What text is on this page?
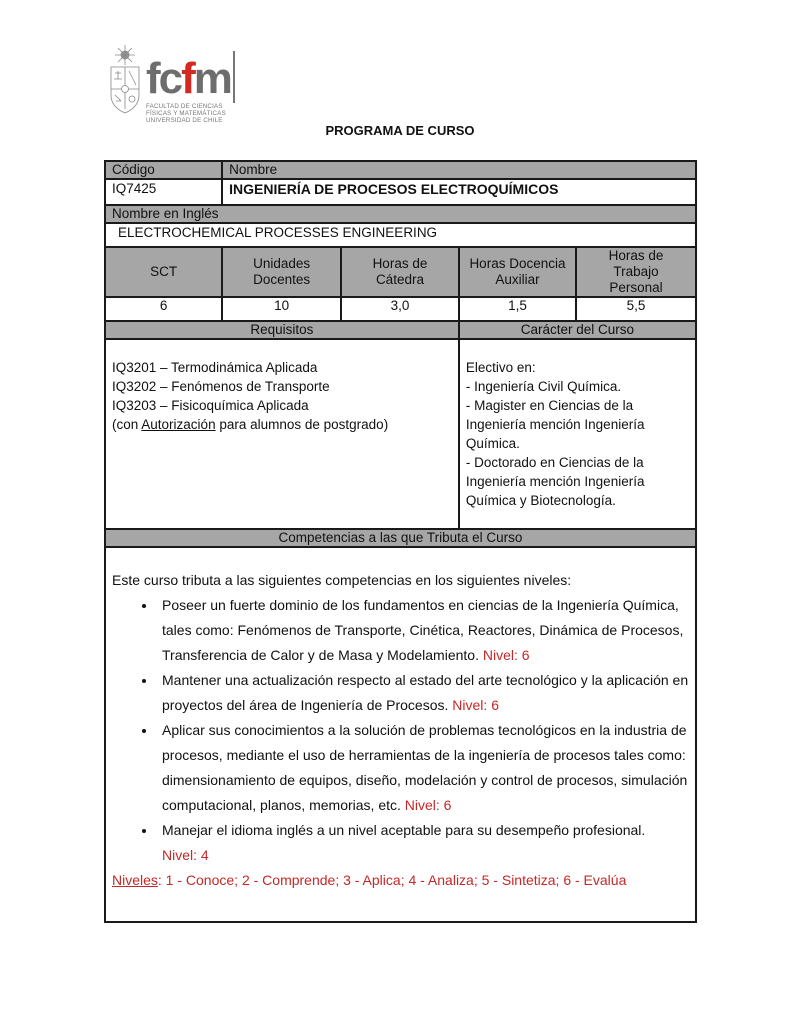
fcfm
FACULTAD DE CIENCIAS
FÍSICAS Y MATEMÁTICAS
UNIVERSIDAD DE CHILE
PROGRAMA DE CURSO
Código	Nombre			
IQ7425	INGENIERÍA DE PROCESOS ELECTROQUÍMICOS			
Nombre en Inglés				
ELECTROCHEMICAL PROCESSES ENGINEERING				
SCT	Unidades Docentes	Horas de Cátedra	Horas Docencia Auxiliar	Horas de Trabajo Personal
6	10	3,0	1,5	5,5
Requisitos			Carácter del Curso	

IQ3201 – Termodinámica Aplicada
IQ3202 – Fenómenos de Transporte
IQ3203 – Fisicoquímica Aplicada
(con Autorización para alumnos de postgrado)

Electivo en:
- Ingeniería Civil Química.
- Magister en Ciencias de la Ingeniería mención Ingeniería Química.
- Doctorado en Ciencias de la Ingeniería mención Ingeniería Química y Biotecnología.

Competencias a las que Tributa el Curso				

Este curso tributa a las siguientes competencias en los siguientes niveles:
• Poseer un fuerte dominio de los fundamentos en ciencias de la Ingeniería Química, tales como: Fenómenos de Transporte, Cinética, Reactores, Dinámica de Procesos, Transferencia de Calor y de Masa y Modelamiento. Nivel: 6
• Mantener una actualización respecto al estado del arte tecnológico y la aplicación en proyectos del área de Ingeniería de Procesos. Nivel: 6
• Aplicar sus conocimientos a la solución de problemas tecnológicos en la industria de procesos, mediante el uso de herramientas de la ingeniería de procesos tales como: dimensionamiento de equipos, diseño, modelación y control de procesos, simulación computacional, planos, memorias, etc. Nivel: 6
• Manejar el idioma inglés a un nivel aceptable para su desempeño profesional.
Nivel: 4
Niveles: 1 - Conoce; 2 - Comprende; 3 - Aplica; 4 - Analiza; 5 - Sintetiza; 6 - Evalúa
